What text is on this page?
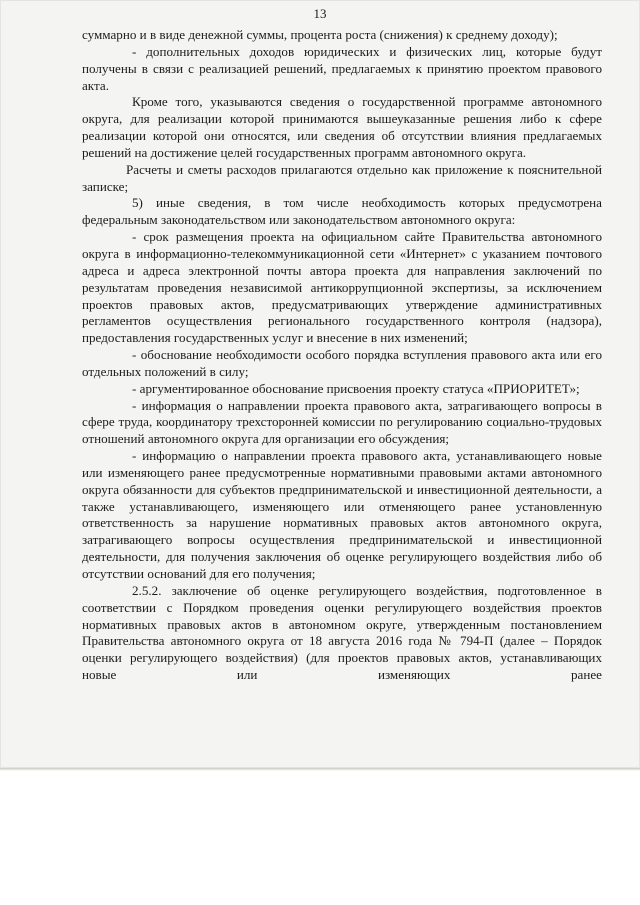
13

суммарно и в виде денежной суммы, процента роста (снижения) к среднему доходу);

- дополнительных доходов юридических и физических лиц, которые будут получены в связи с реализацией решений, предлагаемых к принятию проектом правового акта.

Кроме того, указываются сведения о государственной программе автономного округа, для реализации которой принимаются вышеуказанные решения либо к сфере реализации которой они относятся, или сведения об отсутствии влияния предлагаемых решений на достижение целей государственных программ автономного округа.

Расчеты и сметы расходов прилагаются отдельно как приложение к пояснительной записке;

5) иные сведения, в том числе необходимость которых предусмотрена федеральным законодательством или законодательством автономного округа:

- срок размещения проекта на официальном сайте Правительства автономного округа в информационно-телекоммуникационной сети «Интернет» с указанием почтового адреса и адреса электронной почты автора проекта для направления заключений по результатам проведения независимой антикоррупционной экспертизы, за исключением проектов правовых актов, предусматривающих утверждение административных регламентов осуществления регионального государственного контроля (надзора), предоставления государственных услуг и внесение в них изменений;

- обоснование необходимости особого порядка вступления правового акта или его отдельных положений в силу;

- аргументированное обоснование присвоения проекту статуса «ПРИОРИТЕТ»;

- информация о направлении проекта правового акта, затрагивающего вопросы в сфере труда, координатору трехсторонней комиссии по регулированию социально-трудовых отношений автономного округа для организации его обсуждения;

- информацию о направлении проекта правового акта, устанавливающего новые или изменяющего ранее предусмотренные нормативными правовыми актами автономного округа обязанности для субъектов предпринимательской и инвестиционной деятельности, а также устанавливающего, изменяющего или отменяющего ранее установленную ответственность за нарушение нормативных правовых актов автономного округа, затрагивающего вопросы осуществления предпринимательской и инвестиционной деятельности, для получения заключения об оценке регулирующего воздействия либо об отсутствии оснований для его получения;

2.5.2. заключение об оценке регулирующего воздействия, подготовленное в соответствии с Порядком проведения оценки регулирующего воздействия проектов нормативных правовых актов в автономном округе, утвержденным постановлением Правительства автономного округа от 18 августа 2016 года № 794-П (далее – Порядок оценки регулирующего воздействия) (для проектов правовых актов, устанавливающих новые или изменяющих ранее
